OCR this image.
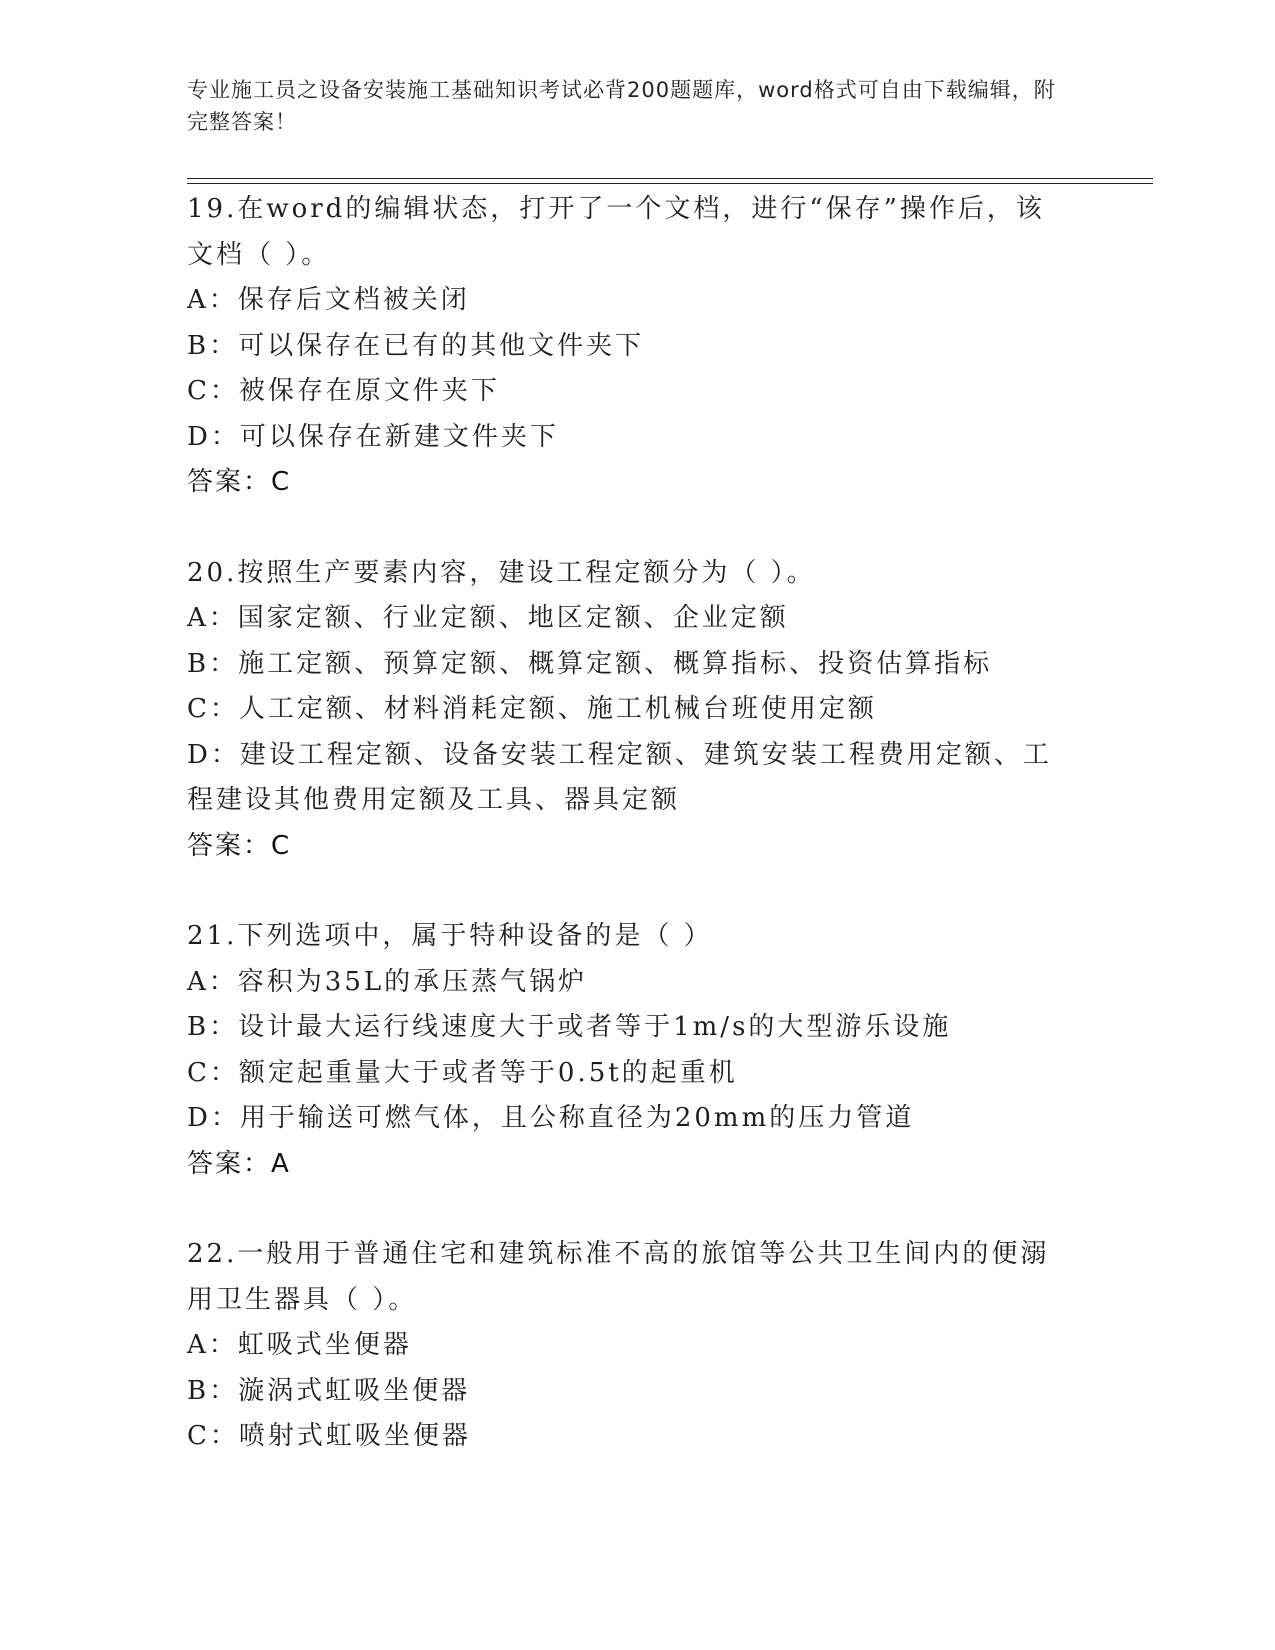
专业施工员之设备安装施工基础知识考试必背200题题库，word格式可自由下载编辑，附完整答案！
19.在word的编辑状态，打开了一个文档，进行“保存”操作后，该文档（ ）。
A：保存后文档被关闭
B：可以保存在已有的其他文件夹下
C：被保存在原文件夹下
D：可以保存在新建文件夹下
答案：C
20.按照生产要素内容，建设工程定额分为（ ）。
A：国家定额、行业定额、地区定额、企业定额
B：施工定额、预算定额、概算定额、概算指标、投资估算指标
C：人工定额、材料消耗定额、施工机械台班使用定额
D：建设工程定额、设备安装工程定额、建筑安装工程费用定额、工程建设其他费用定额及工具、器具定额
答案：C
21.下列选项中，属于特种设备的是（ ）
A：容积为35L的承压蒸气锅炉
B：设计最大运行线速度大于或者等于1m/s的大型游乐设施
C：额定起重量大于或者等于0.5t的起重机
D：用于输送可燃气体，且公称直径为20mm的压力管道
答案：A
22.一般用于普通住宅和建筑标准不高的旅馆等公共卫生间内的便溺用卫生器具（ ）。
A：虹吸式坐便器
B：漩涡式虹吸坐便器
C：喷射式虹吸坐便器
